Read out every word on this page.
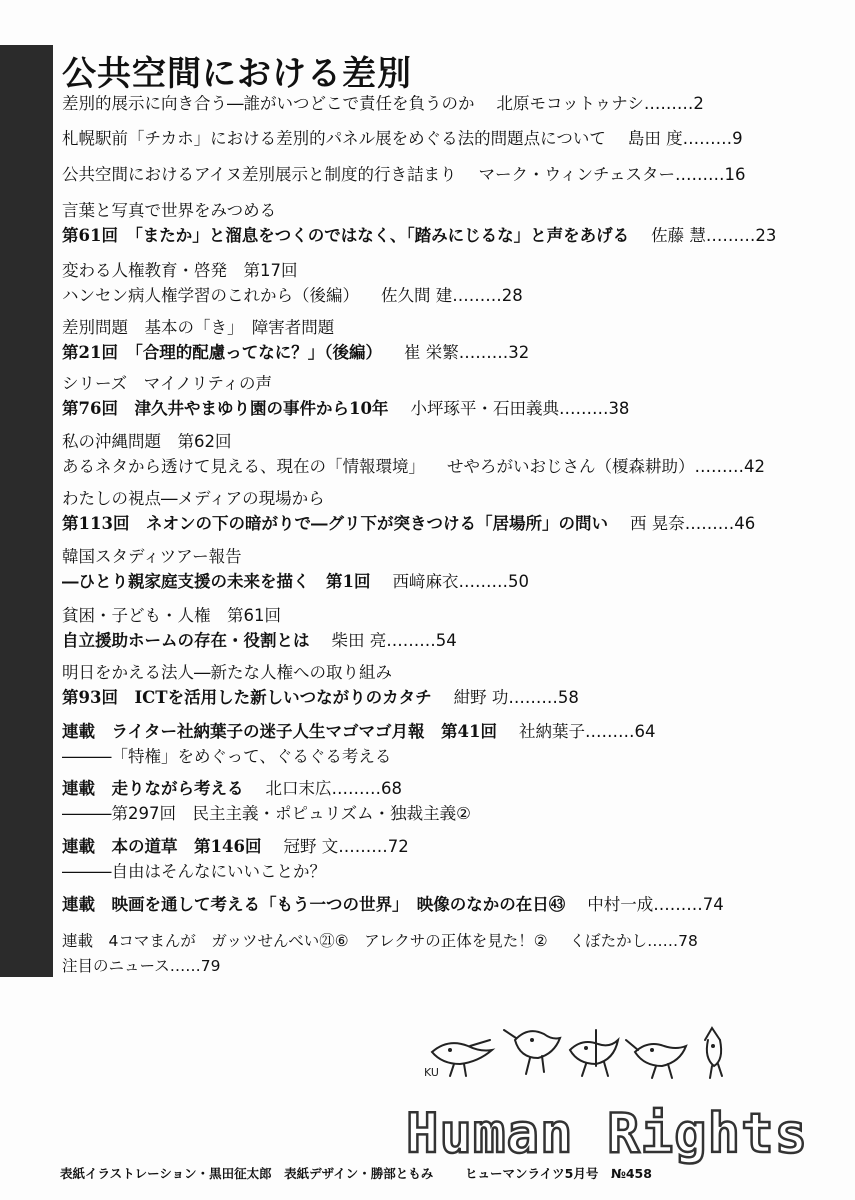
公共空間における差別
差別的展示に向き合う―誰がいつどこで責任を負うのか 北原モコットゥナシ………2
札幌駅前「チカホ」における差別的パネル展をめぐる法的問題点について 島田 度………9
公共空間におけるアイヌ差別展示と制度的行き詰まり マーク・ウィンチェスター………16
言葉と写真で世界をみつめる
第61回　「またか」と溜息をつくのではなく、「踏みにじるな」と声をあげる 佐藤 慧………23
変わる人権教育・啓発　第17回
ハンセン病人権学習のこれから（後編） 佐久間 建………28
差別問題　基本の「き」　障害者問題
第21回　「合理的配慮ってなに？」（後編） 崔 栄繁………32
シリーズ　マイノリティの声
第76回　津久井やまゆり園の事件から10年 小坪琢平・石田義典………38
私の沖縄問題　第62回
あるネタから透けて見える、現在の「情報環境」 せやろがいおじさん（榎森耕助）………42
わたしの視点―メディアの現場から
第113回　ネオンの下の暗がりで―グリ下が突きつける「居場所」の問い 西 晃奈………46
韓国スタディツアー報告
―ひとり親家庭支援の未来を描く　第1回 西﨑麻衣………50
貧困・子ども・人権　第61回
自立援助ホームの存在・役割とは 柴田 亮………54
明日をかえる法人―新たな人権への取り組み
第93回　ICTを活用した新しいつながりのカタチ 紺野 功………58
連載　ライター社納葉子の迷子人生マゴマゴ月報　第41回 社納葉子………64
―――「特権」をめぐって、ぐるぐる考える
連載　走りながら考える 北口末広………68
―――第297回　民主主義・ポピュリズム・独裁主義②
連載　本の道草　第146回 冠野 文………72
―――自由はそんなにいいことか？
連載　映画を通して考える「もう一つの世界」　映像のなかの在日㊸ 中村一成………74
連載　4コマまんが　ガッツせんべい㉑⑥　アレクサの正体を見た！② くぼたかし……78
注目のニュース……79
KU
Human Rights
表紙イラストレーション・黒田征太郎　表紙デザイン・勝部ともみ	ヒューマンライツ5月号　№458
